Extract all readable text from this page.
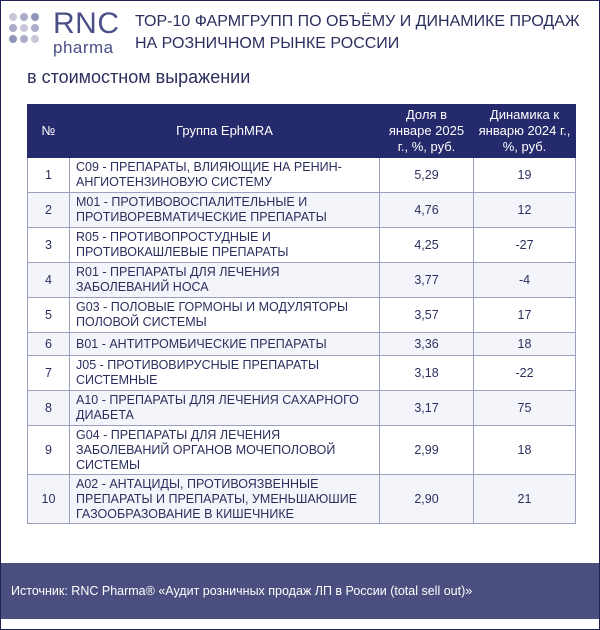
RNC
pharma
ТОР-10 ФАРМГРУПП ПО ОБЪЁМУ И ДИНАМИКЕ ПРОДАЖ НА РОЗНИЧНОМ РЫНКЕ РОССИИ
в стоимостном выражении
№	Группа EphMRA	Доля в январе 2025 г., %, руб.	Динамика к январю 2024 г., %, руб.
1	C09 - ПРЕПАРАТЫ, ВЛИЯЮЩИЕ НА РЕНИН-АНГИОТЕНЗИНОВУЮ СИСТЕМУ	5,29	19
2	M01 - ПРОТИВОВОСПАЛИТЕЛЬНЫЕ И ПРОТИВОРЕВМАТИЧЕСКИЕ ПРЕПАРАТЫ	4,76	12
3	R05 - ПРОТИВОПРОСТУДНЫЕ И ПРОТИВОКАШЛЕВЫЕ ПРЕПАРАТЫ	4,25	-27
4	R01 - ПРЕПАРАТЫ ДЛЯ ЛЕЧЕНИЯ ЗАБОЛЕВАНИЙ НОСА	3,77	-4
5	G03 - ПОЛОВЫЕ ГОРМОНЫ И МОДУЛЯТОРЫ ПОЛОВОЙ СИСТЕМЫ	3,57	17
6	B01 - АНТИТРОМБИЧЕСКИЕ ПРЕПАРАТЫ	3,36	18
7	J05 - ПРОТИВОВИРУСНЫЕ ПРЕПАРАТЫ СИСТЕМНЫЕ	3,18	-22
8	A10 - ПРЕПАРАТЫ ДЛЯ ЛЕЧЕНИЯ САХАРНОГО ДИАБЕТА	3,17	75
9	G04 - ПРЕПАРАТЫ ДЛЯ ЛЕЧЕНИЯ ЗАБОЛЕВАНИЙ ОРГАНОВ МОЧЕПОЛОВОЙ СИСТЕМЫ	2,99	18
10	A02 - АНТАЦИДЫ, ПРОТИВОЯЗВЕННЫЕ ПРЕПАРАТЫ И ПРЕПАРАТЫ, УМЕНЬШАЮШИЕ ГАЗООБРАЗОВАНИЕ В КИШЕЧНИКЕ	2,90	21
Источник: RNC Pharma® «Аудит розничных продаж ЛП в России (total sell out)»
